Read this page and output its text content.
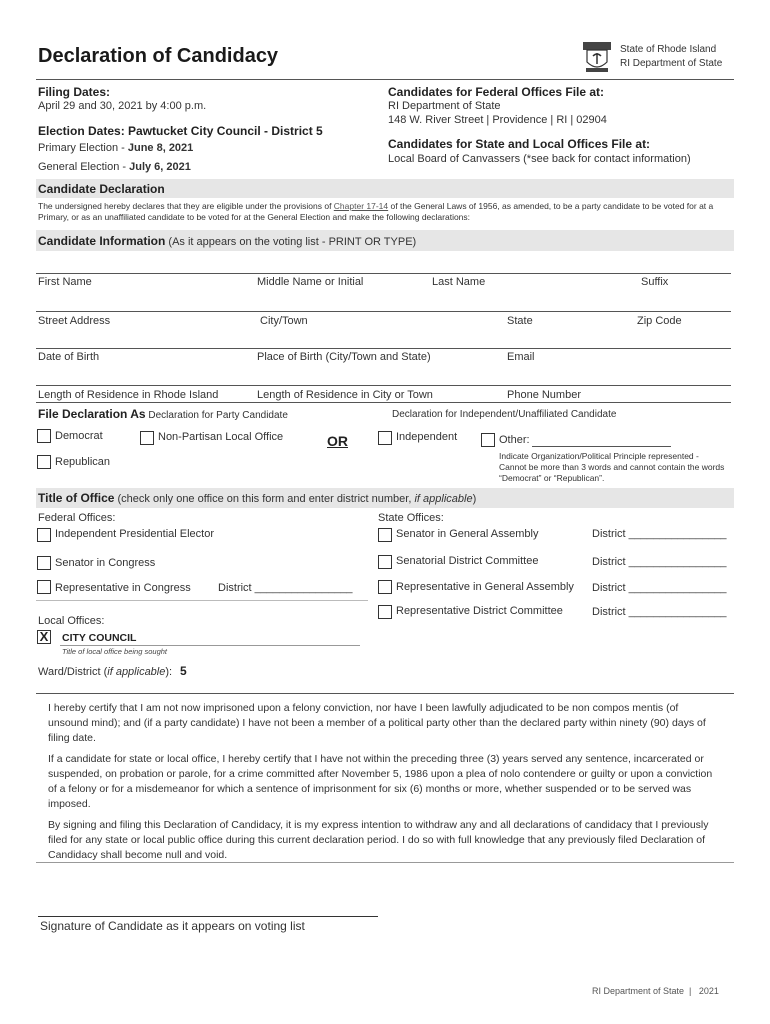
Declaration of Candidacy	State of Rhode Island
RI Department of State
Filing Dates:
April 29 and 30, 2021 by 4:00 p.m.
Election Dates: Pawtucket City Council - District 5
Primary Election - June 8, 2021
General Election - July 6, 2021
Candidates for Federal Offices File at:
RI Department of State
148 W. River Street | Providence | RI | 02904
Candidates for State and Local Offices File at:
Local Board of Canvassers (*see back for contact information)
Candidate Declaration
The undersigned hereby declares that they are eligible under the provisions of Chapter 17-14 of the General Laws of 1956, as amended, to be a party candidate to be voted for at a Primary, or as an unaffiliated candidate to be voted for at the General Election and make the following declarations:
Candidate Information (As it appears on the voting list - PRINT OR TYPE)
First Name	Middle Name or Initial	Last Name	Suffix
Street Address	City/Town	State	Zip Code
Date of Birth	Place of Birth (City/Town and State)	Email
Length of Residence in Rhode Island	Length of Residence in City or Town	Phone Number
File Declaration As Declaration for Party Candidate	Declaration for Independent/Unaffiliated Candidate
Democrat	Non-Partisan Local Office
Republican
OR	Independent	Other:
Indicate Organization/Political Principle represented - Cannot be more than 3 words and cannot contain the words “Democrat” or “Republican”.
Title of Office (check only one office on this form and enter district number, if applicable)
Federal Offices:	State Offices:
Independent Presidential Elector
Senator in Congress
Representative in Congress District ________________
Senator in General Assembly	District ________________
Senatorial District Committee	District ________________
Representative in General Assembly District ________________
Representative District Committee	District ________________
Local Offices:
X CITY COUNCIL
Title of local office being sought
Ward/District (if applicable): 5

I hereby certify that I am not now imprisoned upon a felony conviction, nor have I been lawfully adjudicated to be non compos mentis (of unsound mind); and (if a party candidate) I have not been a member of a political party other than the declared party within ninety (90) days of filing date.

If a candidate for state or local office, I hereby certify that I have not within the preceding three (3) years served any sentence, incarcerated or suspended, on probation or parole, for a crime committed after November 5, 1986 upon a plea of nolo contendere or guilty or upon a conviction of a felony or for a misdemeanor for which a sentence of imprisonment for six (6) months or more, whether suspended or to be served was imposed.

By signing and filing this Declaration of Candidacy, it is my express intention to withdraw any and all declarations of candidacy that I previously filed for any state or local public office during this current declaration period. I do so with full knowledge that any previously filed Declaration of Candidacy shall become null and void.

Signature of Candidate as it appears on voting list
RI Department of State  |   2021
